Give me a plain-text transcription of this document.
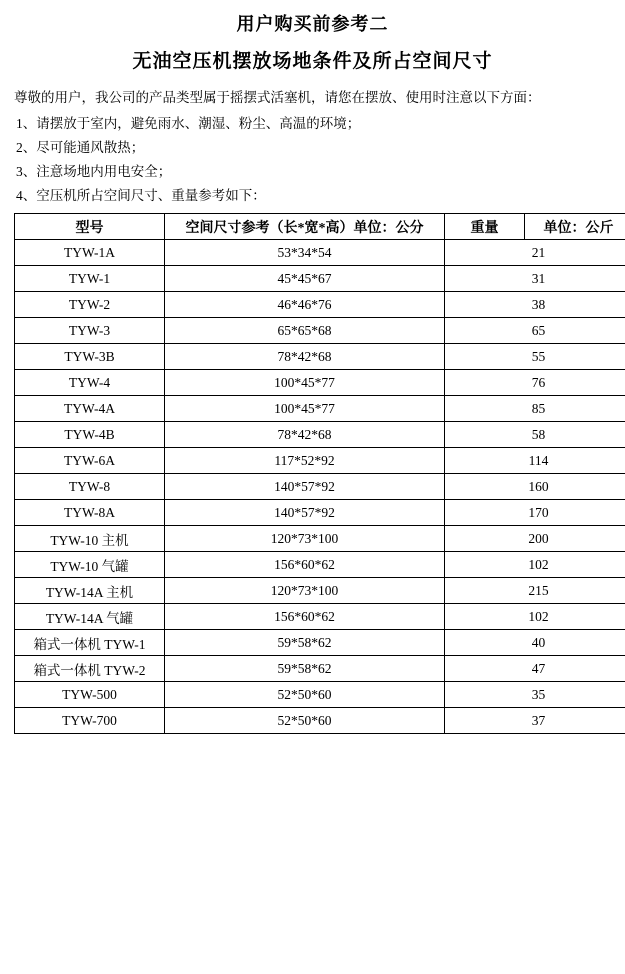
用户购买前参考二
无油空压机摆放场地条件及所占空间尺寸

尊敬的用户，我公司的产品类型属于摇摆式活塞机，请您在摆放、使用时注意以下方面：

1、请摆放于室内，避免雨水、潮湿、粉尘、高温的环境；
2、尽可能通风散热；
3、注意场地内用电安全；
4、空压机所占空间尺寸、重量参考如下：
型号	空间尺寸参考（长*宽*高）单位：公分	重量	单位：公斤
TYW-1A	53*34*54	21	
TYW-1	45*45*67	31	
TYW-2	46*46*76	38	
TYW-3	65*65*68	65	
TYW-3B	78*42*68	55	
TYW-4	100*45*77	76	
TYW-4A	100*45*77	85	
TYW-4B	78*42*68	58	
TYW-6A	117*52*92	114	
TYW-8	140*57*92	160	
TYW-8A	140*57*92	170	
TYW-10 主机	120*73*100	200	
TYW-10 气罐	156*60*62	102	
TYW-14A 主机	120*73*100	215	
TYW-14A 气罐	156*60*62	102	
箱式一体机 TYW-1	59*58*62	40	
箱式一体机 TYW-2	59*58*62	47	
TYW-500	52*50*60	35	
TYW-700	52*50*60	37	
